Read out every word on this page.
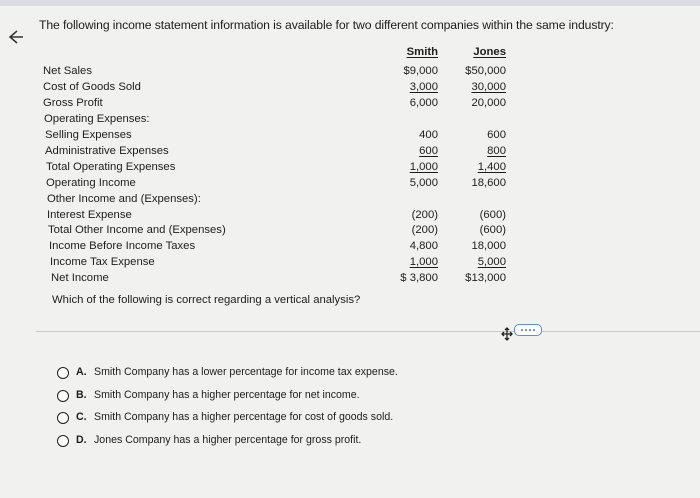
The following income statement information is available for two different companies within the same industry:
Smith	Jones
Net Sales	$9,000	$50,000
Cost of Goods Sold	3,000	30,000
Gross Profit	6,000	20,000
Operating Expenses:
Selling Expenses	400	600
Administrative Expenses	600	800
Total Operating Expenses	1,000	1,400
Operating Income	5,000	18,600
Other Income and (Expenses):
Interest Expense	(200)	(600)
Total Other Income and (Expenses)	(200)	(600)
Income Before Income Taxes	4,800	18,000
Income Tax Expense	1,000	5,000
Net Income	$ 3,800	$13,000
Which of the following is correct regarding a vertical analysis?
A. Smith Company has a lower percentage for income tax expense.
B. Smith Company has a higher percentage for net income.
C. Smith Company has a higher percentage for cost of goods sold.
D. Jones Company has a higher percentage for gross profit.
